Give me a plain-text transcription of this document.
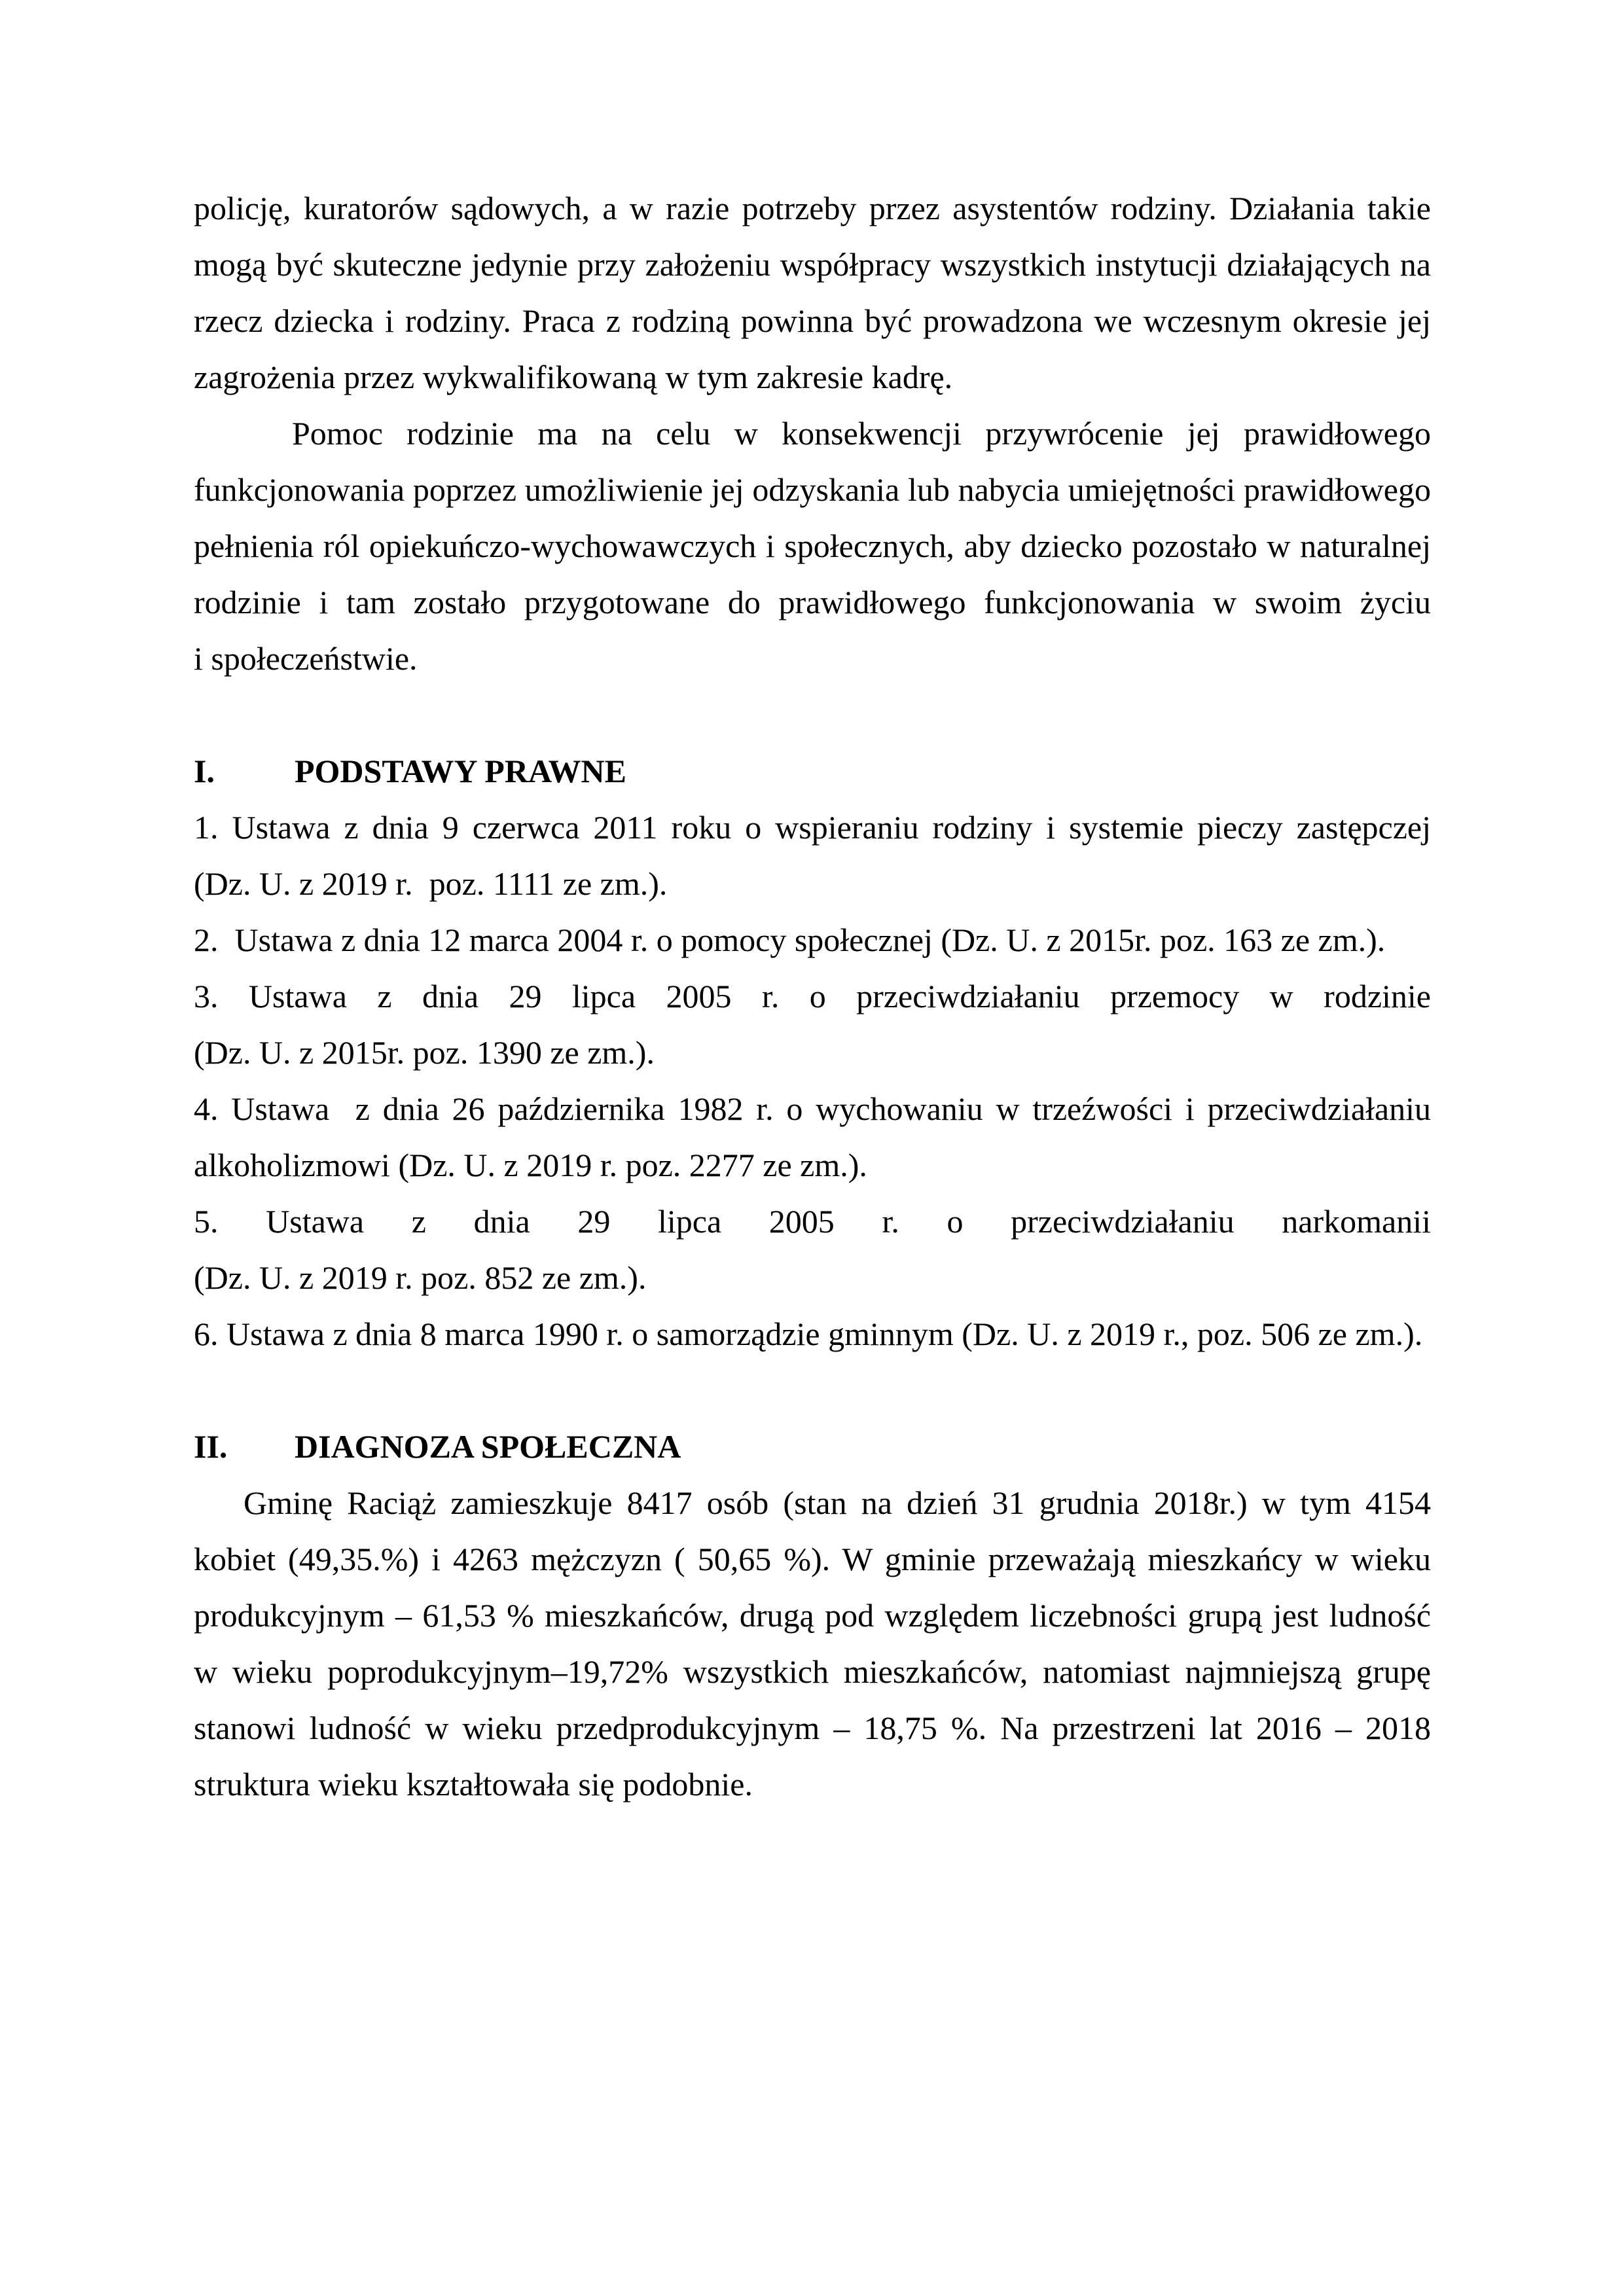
policję, kuratorów sądowych, a w razie potrzeby przez asystentów rodziny. Działania takie
mogą być skuteczne jedynie przy założeniu współpracy wszystkich instytucji działających na
rzecz dziecka i rodziny. Praca z rodziną powinna być prowadzona we wczesnym okresie jej
zagrożenia przez wykwalifikowaną w tym zakresie kadrę.
Pomoc rodzinie ma na celu w konsekwencji przywrócenie jej prawidłowego
funkcjonowania poprzez umożliwienie jej odzyskania lub nabycia umiejętności prawidłowego
pełnienia ról opiekuńczo-wychowawczych i społecznych, aby dziecko pozostało w naturalnej
rodzinie i tam zostało przygotowane do prawidłowego funkcjonowania w swoim życiu
i społeczeństwie.
I. PODSTAWY PRAWNE
1. Ustawa z dnia 9 czerwca 2011 roku o wspieraniu rodziny i systemie pieczy zastępczej
(Dz. U. z 2019 r.  poz. 1111 ze zm.).
2.  Ustawa z dnia 12 marca 2004 r. o pomocy społecznej (Dz. U. z 2015r. poz. 163 ze zm.).
3. Ustawa z dnia 29 lipca 2005 r. o przeciwdziałaniu przemocy w rodzinie
(Dz. U. z 2015r. poz. 1390 ze zm.).
4. Ustawa  z dnia 26 października 1982 r. o wychowaniu w trzeźwości i przeciwdziałaniu
alkoholizmowi (Dz. U. z 2019 r. poz. 2277 ze zm.).
5. Ustawa z dnia 29 lipca 2005 r. o przeciwdziałaniu narkomanii
(Dz. U. z 2019 r. poz. 852 ze zm.).
6. Ustawa z dnia 8 marca 1990 r. o samorządzie gminnym (Dz. U. z 2019 r., poz. 506 ze zm.).
II. DIAGNOZA SPOŁECZNA
Gminę Raciąż zamieszkuje 8417 osób (stan na dzień 31 grudnia 2018r.) w tym 4154
kobiet (49,35.%) i 4263 mężczyzn ( 50,65 %). W gminie przeważają mieszkańcy w wieku
produkcyjnym – 61,53 % mieszkańców, drugą pod względem liczebności grupą jest ludność
w wieku poprodukcyjnym–19,72% wszystkich mieszkańców, natomiast najmniejszą grupę
stanowi ludność w wieku przedprodukcyjnym – 18,75 %. Na przestrzeni lat 2016 – 2018
struktura wieku kształtowała się podobnie.
